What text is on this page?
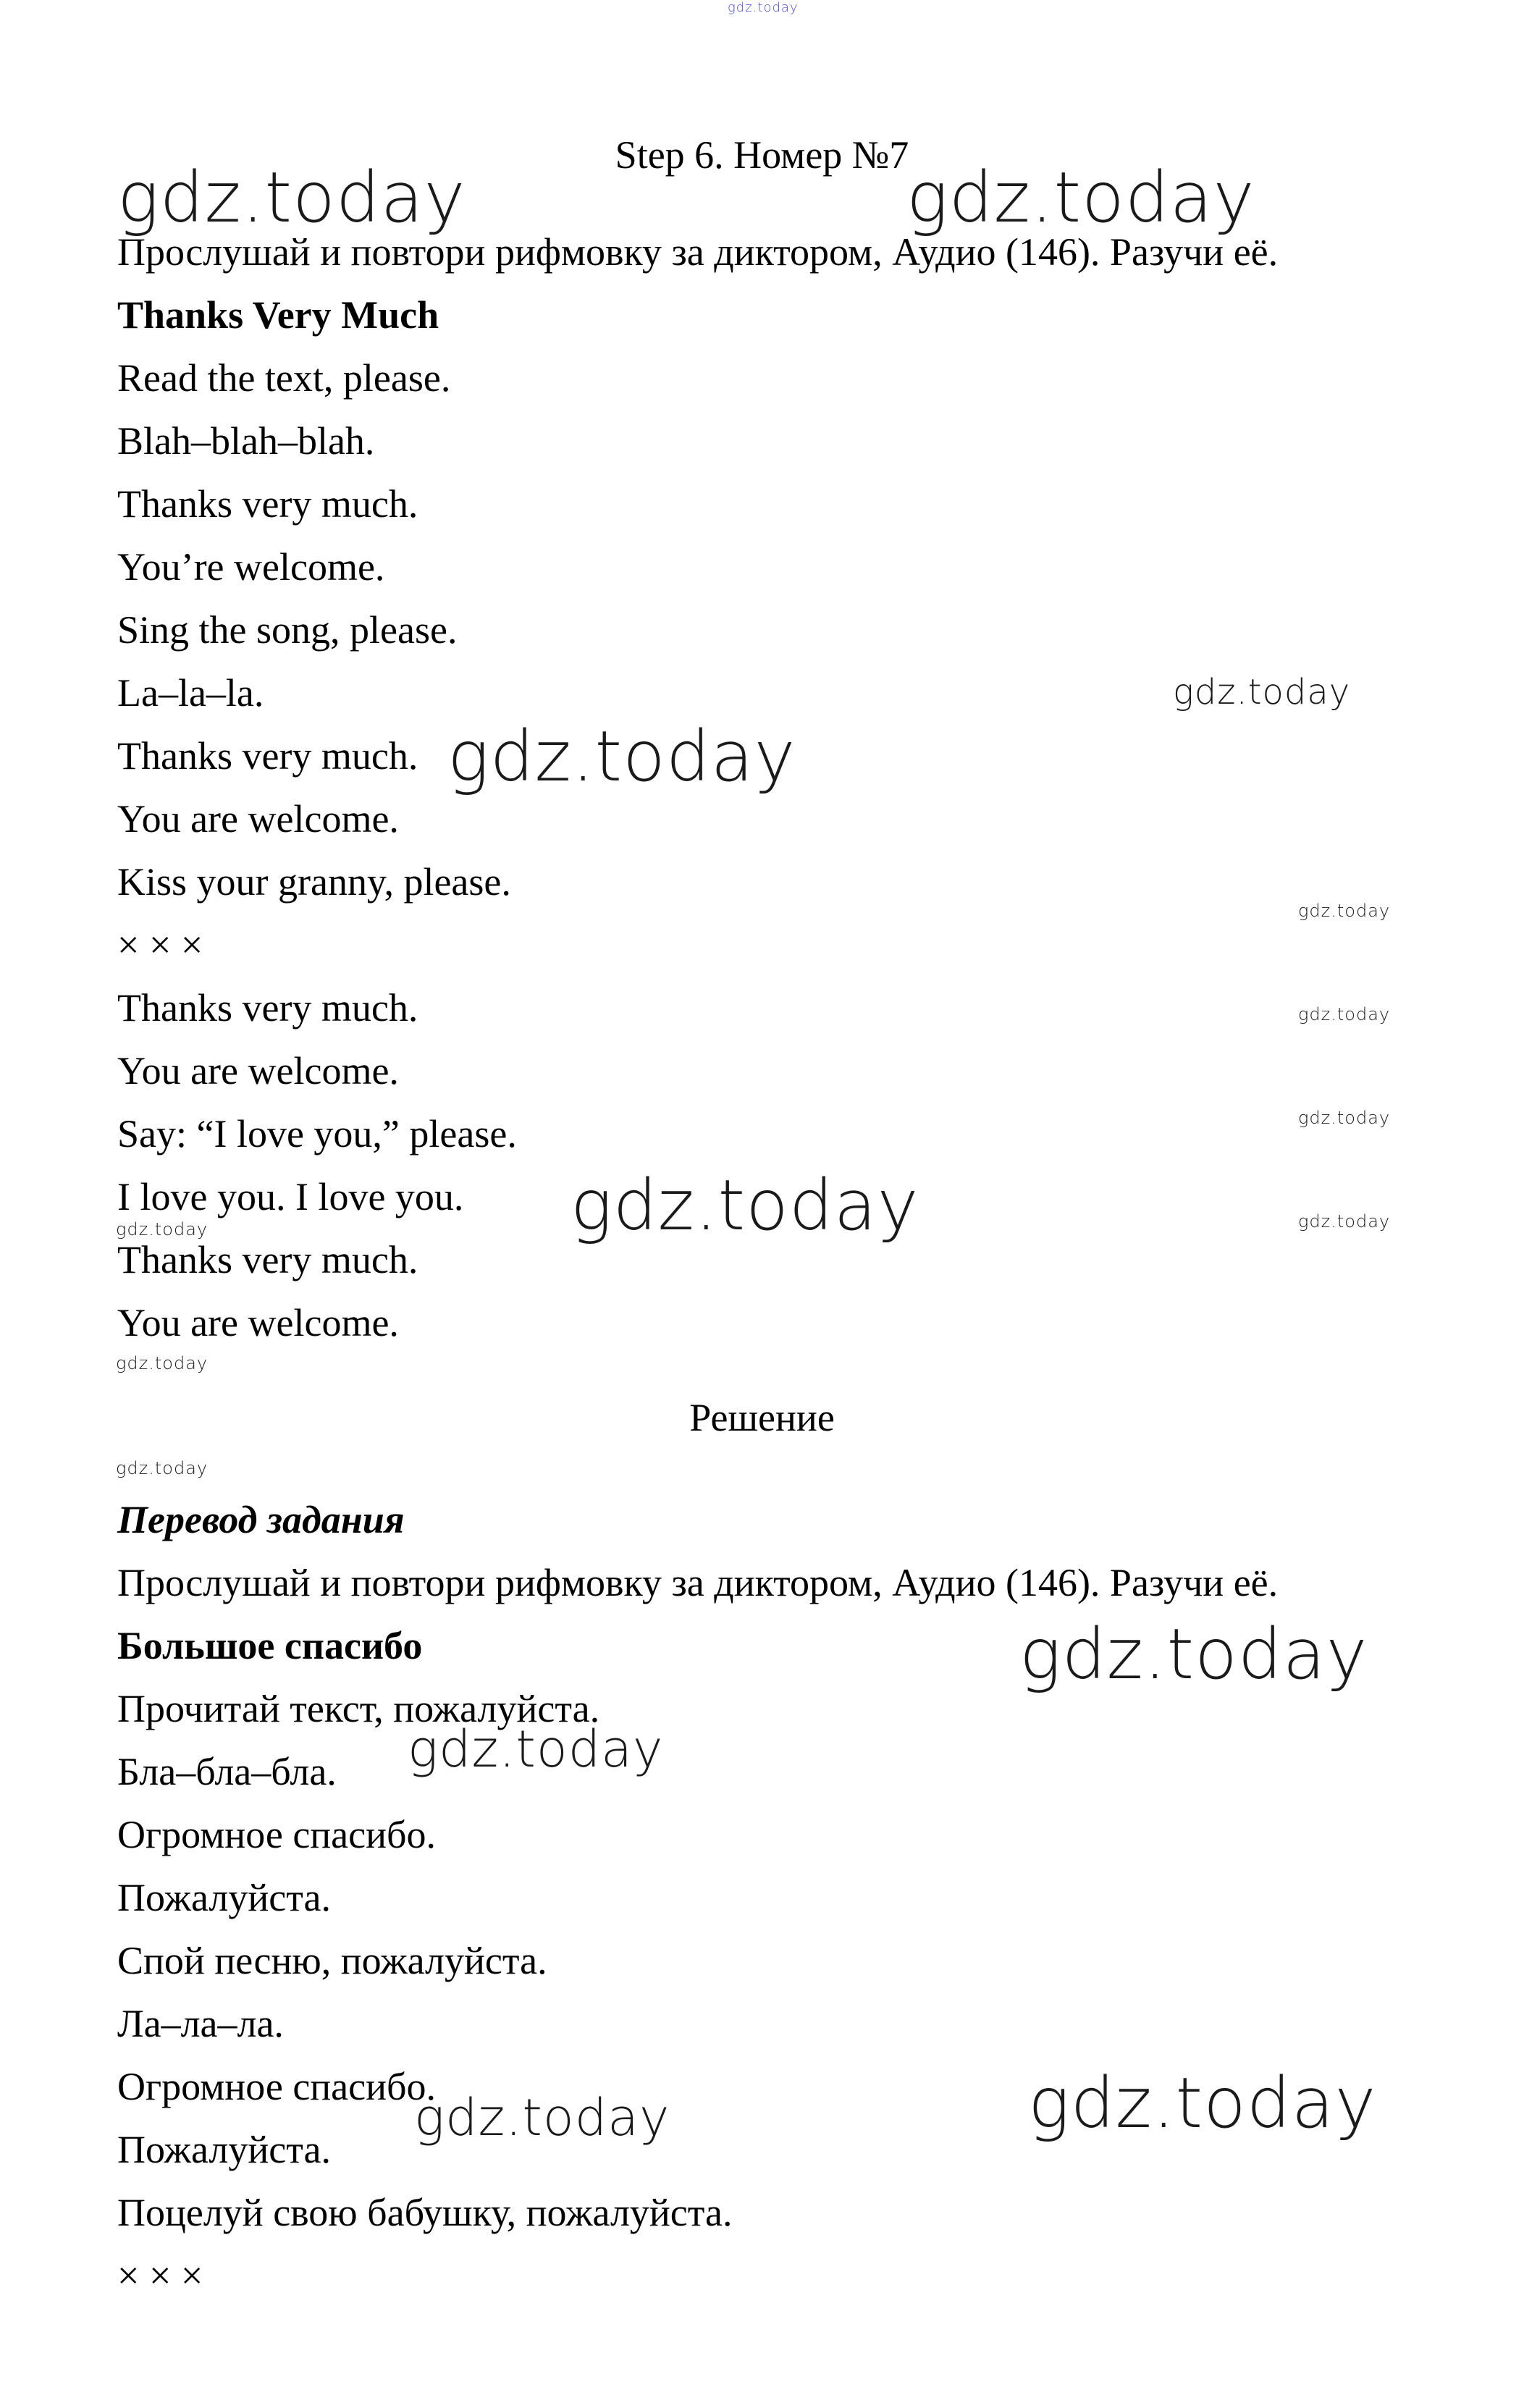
gdz.today
Step 6. Номер №7
Прослушай и повтори рифмовку за диктором, Аудио (146). Разучи её.
Thanks Very Much
Read the text, please.
Blah–blah–blah.
Thanks very much.
You’re welcome.
Sing the song, please.
La–la–la.
Thanks very much.
You are welcome.
Kiss your granny, please.
× × ×
Thanks very much.
You are welcome.
Say: “I love you,” please.
I love you. I love you.
Thanks very much.
You are welcome.
Решение
Перевод задания
Прослушай и повтори рифмовку за диктором, Аудио (146). Разучи её.
Большое спасибо
Прочитай текст, пожалуйста.
Бла–бла–бла.
Огромное спасибо.
Пожалуйста.
Спой песню, пожалуйста.
Ла–ла–ла.
Огромное спасибо.
Пожалуйста.
Поцелуй свою бабушку, пожалуйста.
× × ×
gdz.today	gdz.today
gdz.today
gdz.today
gdz.today
gdz.today
gdz.today
gdz.today	gdz.today
gdz.today
gdz.today
gdz.today
gdz.today
gdz.today
gdz.today
gdz.today
